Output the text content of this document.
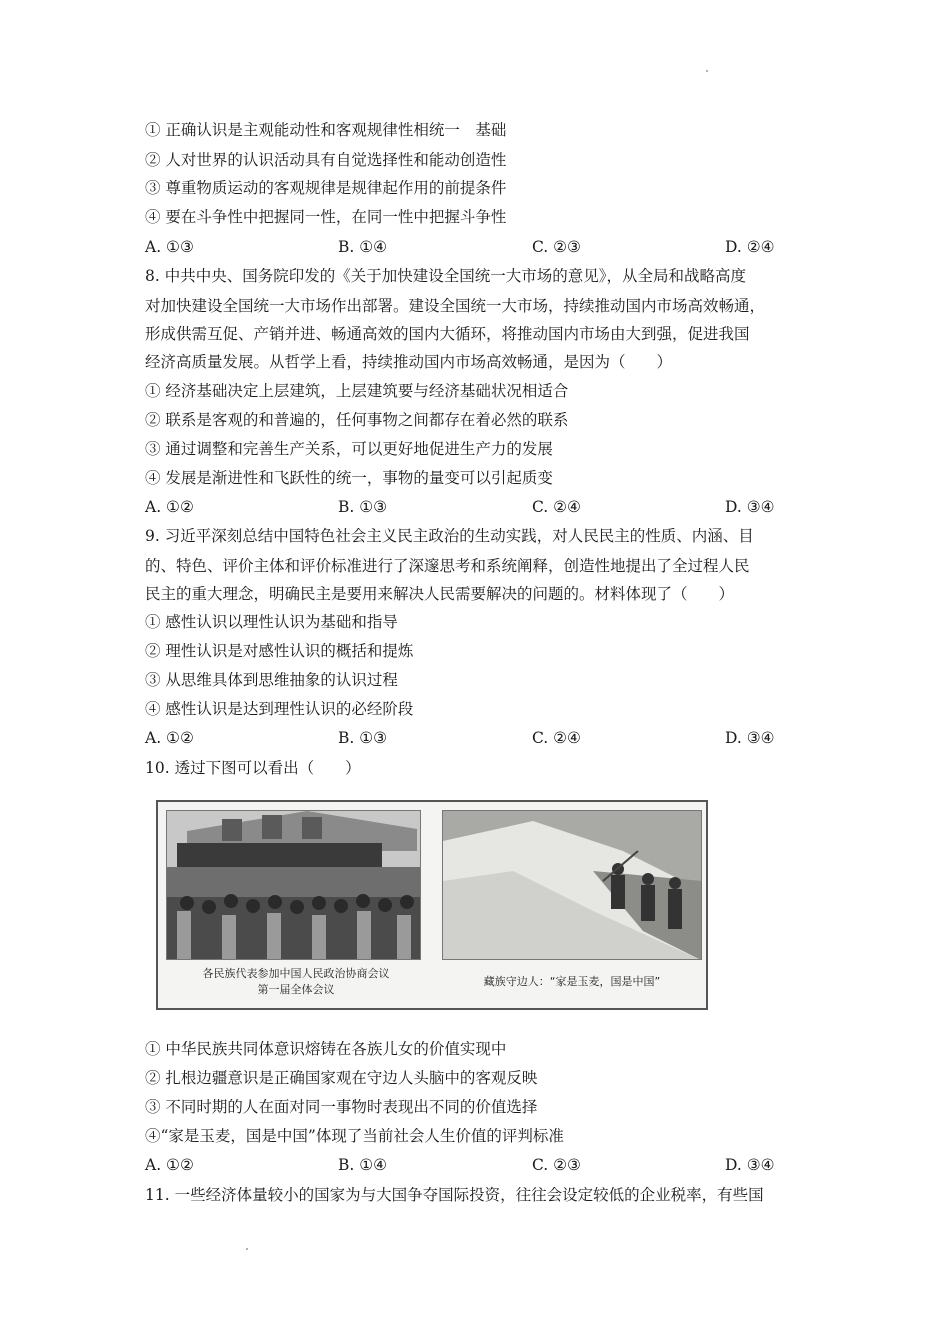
① 正确认识是主观能动性和客观规律性相统一　基础
② 人对世界的认识活动具有自觉选择性和能动创造性
③ 尊重物质运动的客观规律是规律起作用的前提条件
④ 要在斗争性中把握同一性，在同一性中把握斗争性
A. ①③	B. ①④	C. ②③	D. ②④
8. 中共中央、国务院印发的《关于加快建设全国统一大市场的意见》，从全局和战略高度
对加快建设全国统一大市场作出部署。建设全国统一大市场，持续推动国内市场高效畅通，
形成供需互促、产销并进、畅通高效的国内大循环，将推动国内市场由大到强，促进我国
经济高质量发展。从哲学上看，持续推动国内市场高效畅通，是因为（　　）
① 经济基础决定上层建筑，上层建筑要与经济基础状况相适合
② 联系是客观的和普遍的，任何事物之间都存在着必然的联系
③ 通过调整和完善生产关系，可以更好地促进生产力的发展
④ 发展是渐进性和飞跃性的统一，事物的量变可以引起质变
A. ①②	B. ①③	C. ②④	D. ③④
9. 习近平深刻总结中国特色社会主义民主政治的生动实践，对人民民主的性质、内涵、目
的、特色、评价主体和评价标准进行了深邃思考和系统阐释，创造性地提出了全过程人民
民主的重大理念，明确民主是要用来解决人民需要解决的问题的。材料体现了（　　）
① 感性认识以理性认识为基础和指导
② 理性认识是对感性认识的概括和提炼
③ 从思维具体到思维抽象的认识过程
④ 感性认识是达到理性认识的必经阶段
A. ①②	B. ①③	C. ②④	D. ③④
10. 透过下图可以看出（　　）
各民族代表参加中国人民政治协商会议
第一届全体会议
藏族守边人：“家是玉麦，国是中国”
① 中华民族共同体意识熔铸在各族儿女的价值实现中
② 扎根边疆意识是正确国家观在守边人头脑中的客观反映
③ 不同时期的人在面对同一事物时表现出不同的价值选择
④“家是玉麦，国是中国”体现了当前社会人生价值的评判标准
A. ①②	B. ①④	C. ②③	D. ③④
11. 一些经济体量较小的国家为与大国争夺国际投资，往往会设定较低的企业税率，有些国
